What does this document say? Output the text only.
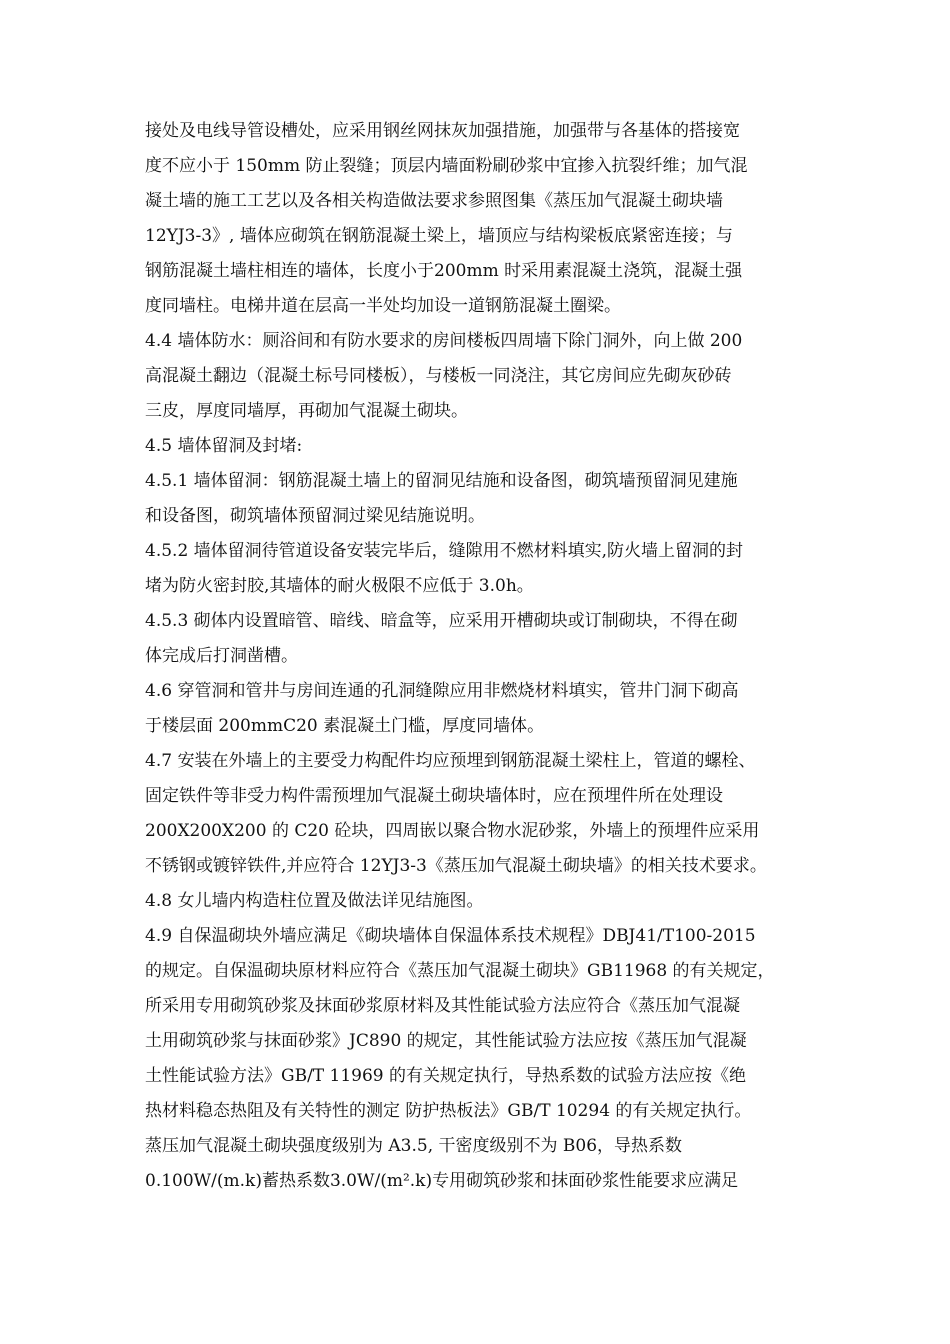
接处及电线导管设槽处，应采用钢丝网抹灰加强措施，加强带与各基体的搭接宽
度不应小于 150mm 防止裂缝；顶层内墙面粉刷砂浆中宜掺入抗裂纤维；加气混
凝土墙的施工工艺以及各相关构造做法要求参照图集《蒸压加气混凝土砌块墙
12YJ3-3》, 墙体应砌筑在钢筋混凝土梁上，墙顶应与结构梁板底紧密连接；与
钢筋混凝土墙柱相连的墙体，长度小于200mm 时采用素混凝土浇筑，混凝土强
度同墙柱。电梯井道在层高一半处均加设一道钢筋混凝土圈梁。
4.4 墙体防水：厕浴间和有防水要求的房间楼板四周墙下除门洞外，向上做 200
高混凝土翻边（混凝土标号同楼板），与楼板一同浇注，其它房间应先砌灰砂砖
三皮，厚度同墙厚，再砌加气混凝土砌块。
4.5 墙体留洞及封堵:
4.5.1 墙体留洞：钢筋混凝土墙上的留洞见结施和设备图，砌筑墙预留洞见建施
和设备图，砌筑墙体预留洞过梁见结施说明。
4.5.2 墙体留洞待管道设备安装完毕后，缝隙用不燃材料填实,防火墙上留洞的封
堵为防火密封胶,其墙体的耐火极限不应低于 3.0h。
4.5.3 砌体内设置暗管、暗线、暗盒等，应采用开槽砌块或订制砌块，不得在砌
体完成后打洞凿槽。
4.6 穿管洞和管井与房间连通的孔洞缝隙应用非燃烧材料填实，管井门洞下砌高
于楼层面 200mmC20 素混凝土门槛，厚度同墙体。
4.7 安装在外墙上的主要受力构配件均应预埋到钢筋混凝土梁柱上，管道的螺栓、
固定铁件等非受力构件需预埋加气混凝土砌块墙体时，应在预埋件所在处理设
200X200X200 的 C20 砼块，四周嵌以聚合物水泥砂浆，外墙上的预埋件应采用
不锈钢或镀锌铁件,并应符合 12YJ3-3《蒸压加气混凝土砌块墙》的相关技术要求。
4.8 女儿墙内构造柱位置及做法详见结施图。
4.9 自保温砌块外墙应满足《砌块墙体自保温体系技术规程》DBJ41/T100-2015
的规定。自保温砌块原材料应符合《蒸压加气混凝土砌块》GB11968 的有关规定，
所采用专用砌筑砂浆及抹面砂浆原材料及其性能试验方法应符合《蒸压加气混凝
土用砌筑砂浆与抹面砂浆》JC890 的规定，其性能试验方法应按《蒸压加气混凝
土性能试验方法》GB/T 11969 的有关规定执行，导热系数的试验方法应按《绝
热材料稳态热阻及有关特性的测定 防护热板法》GB/T 10294 的有关规定执行。
蒸压加气混凝土砌块强度级别为 A3.5, 干密度级别不为 B06，导热系数
0.100W/(m.k)蓄热系数3.0W/(m².k)专用砌筑砂浆和抹面砂浆性能要求应满足
